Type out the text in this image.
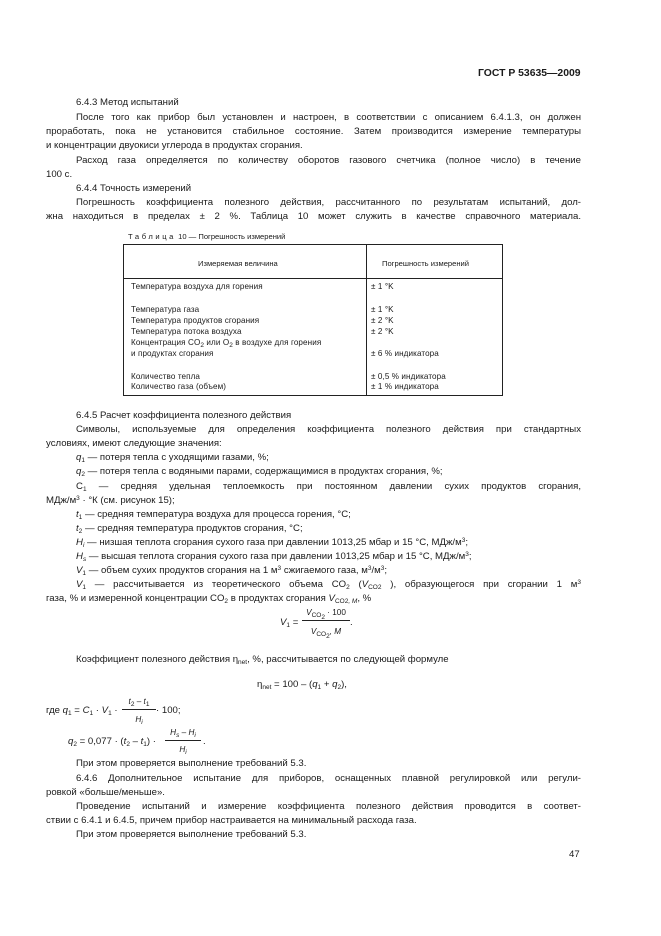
ГОСТ Р 53635—2009
6.4.3 Метод испытаний
После того как прибор был установлен и настроен, в соответствии с описанием 6.4.1.3, он должен
проработать, пока не установится стабильное состояние. Затем производится измерение температуры
и концентрации двуокиси углерода в продуктах сгорания.
Расход газа определяется по количеству оборотов газового счетчика (полное число) в течение
100 с.
6.4.4 Точность измерений
Погрешность коэффициента полезного действия, рассчитанного по результатам испытаний, дол-
жна находиться в пределах ± 2 %. Таблица 10 может служить в качестве справочного материала.
Таблица 10 — Погрешность измерений
Измеряемая величина	Погрешность измерений
Температура воздуха для горения	± 1 °K
Температура газа	± 1 °K
Температура продуктов сгорания	± 2 °K
Температура потока воздуха	± 2 °K
Концентрация $CO_2$ или $O_2$ в воздухе для горения
и продуктах сгорания	± 6 % индикатора
Количество тепла	± 0,5 % индикатора
Количество газа (объем)	± 1 % индикатора
6.4.5 Расчет коэффициента полезного действия
Символы, используемые для определения коэффициента полезного действия при стандартных
условиях, имеют следующие значения:
$q_1$ — потеря тепла с уходящими газами, %;
$q_2$ — потеря тепла с водяными парами, содержащимися в продуктах сгорания, %;
$C_1$ — средняя удельная теплоемкость при постоянном давлении сухих продуктов сгорания,
МДж/$м^3 \cdot ^\circ К$ (см. рисунок 15);
$t_1$ — средняя температура воздуха для процесса горения, °С;
$t_2$ — средняя температура продуктов сгорания, °С;
$H_i$ — низшая теплота сгорания сухого газа при давлении 1013,25 мбар и 15 °С, МДж/$м^3$;
$H_s$ — высшая теплота сгорания сухого газа при давлении 1013,25 мбар и 15 °С, МДж/$м^3$;
$V_1$ — объем сухих продуктов сгорания на 1 $м^3$ сжигаемого газа, $м^3/м^3$;
$V_1$ — рассчитывается из теоретического объема $CO_2$ ($V_{CO2}$ ), образующегося при сгорании 1 $м^3$
газа, % и измеренной концентрации $CO_2$ в продуктах сгорания $V_{CO2, M}$, %
$V_1$ =
$V_{CO_2} \cdot 100$
$V_{CO_2}$, M
.
Коэффициент полезного действия $\eta_{net}$, %, рассчитывается по следующей формуле
$\eta_{net} = 100 - (q_1 + q_2)$,
где $q_1 = C_1 \cdot V_1$ ·
$t_2 - t_1$
$H_i$
· 100;
$q_2 = 0,077 \cdot (t_2 - t_1)$ ·
$H_s - H_i$
$H_i$
.
При этом проверяется выполнение требований 5.3.
6.4.6 Дополнительное испытание для приборов, оснащенных плавной регулировкой или регули-
ровкой «больше/меньше».
Проведение испытаний и измерение коэффициента полезного действия проводится в соответ-
ствии с 6.4.1 и 6.4.5, причем прибор настраивается на минимальный расхода газа.
При этом проверяется выполнение требований 5.3.
47
